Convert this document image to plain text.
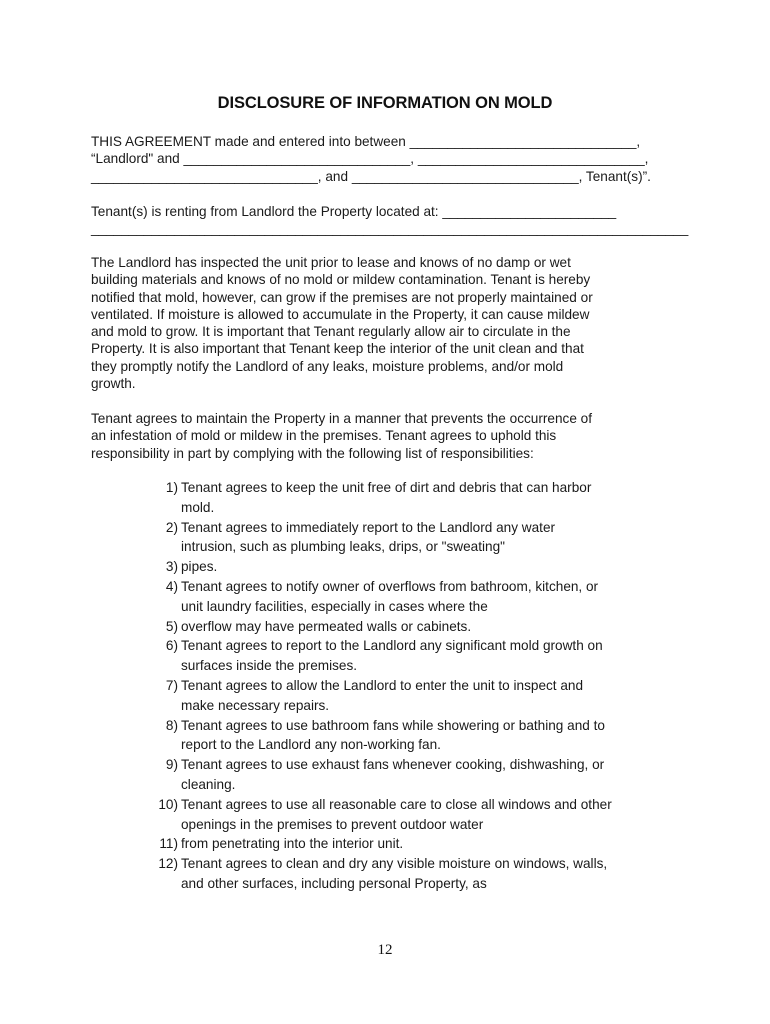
DISCLOSURE OF INFORMATION ON MOLD
THIS AGREEMENT made and entered into between ______________________________,
“Landlord" and ______________________________, ______________________________,
______________________________, and ______________________________, Tenant(s)”.
Tenant(s) is renting from Landlord the Property located at: _______________________
_______________________________________________________________________________
The Landlord has inspected the unit prior to lease and knows of no damp or wet
building materials and knows of no mold or mildew contamination. Tenant is hereby
notified that mold, however, can grow if the premises are not properly maintained or
ventilated. If moisture is allowed to accumulate in the Property, it can cause mildew
and mold to grow. It is important that Tenant regularly allow air to circulate in the
Property. It is also important that Tenant keep the interior of the unit clean and that
they promptly notify the Landlord of any leaks, moisture problems, and/or mold
growth.
Tenant agrees to maintain the Property in a manner that prevents the occurrence of
an infestation of mold or mildew in the premises. Tenant agrees to uphold this
responsibility in part by complying with the following list of responsibilities:
1) Tenant agrees to keep the unit free of dirt and debris that can harbor
mold.
2) Tenant agrees to immediately report to the Landlord any water
intrusion, such as plumbing leaks, drips, or "sweating"
3) pipes.
4) Tenant agrees to notify owner of overflows from bathroom, kitchen, or
unit laundry facilities, especially in cases where the
5) overflow may have permeated walls or cabinets.
6) Tenant agrees to report to the Landlord any significant mold growth on
surfaces inside the premises.
7) Tenant agrees to allow the Landlord to enter the unit to inspect and
make necessary repairs.
8) Tenant agrees to use bathroom fans while showering or bathing and to
report to the Landlord any non-working fan.
9) Tenant agrees to use exhaust fans whenever cooking, dishwashing, or
cleaning.
10) Tenant agrees to use all reasonable care to close all windows and other
openings in the premises to prevent outdoor water
11) from penetrating into the interior unit.
12) Tenant agrees to clean and dry any visible moisture on windows, walls,
and other surfaces, including personal Property, as
12
